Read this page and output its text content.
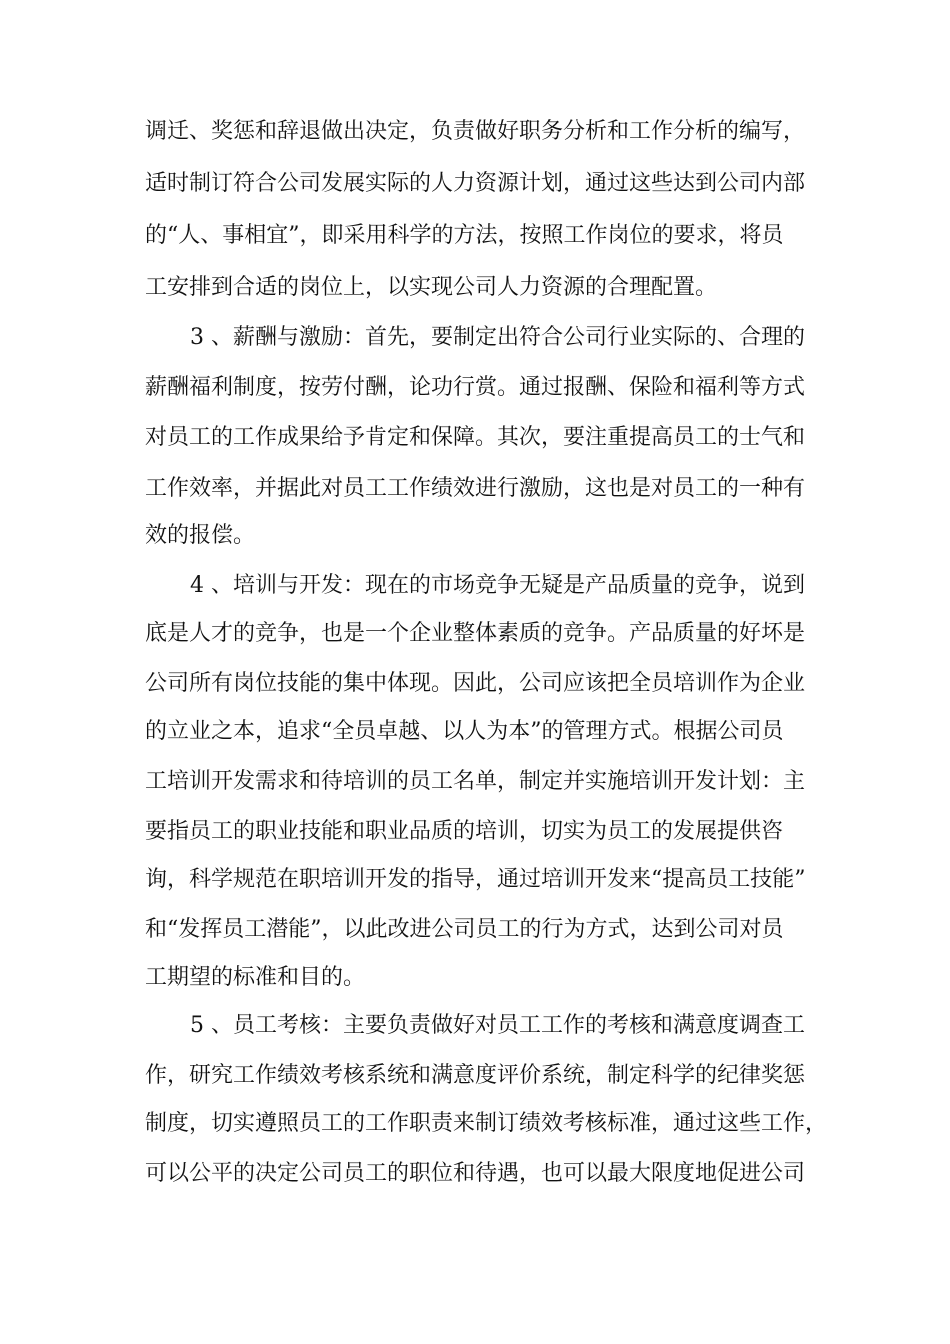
调迁、奖惩和辞退做出决定，负责做好职务分析和工作分析的编写，
适时制订符合公司发展实际的人力资源计划，通过这些达到公司内部
的“人、事相宜”，即采用科学的方法，按照工作岗位的要求，将员
工安排到合适的岗位上，以实现公司人力资源的合理配置。
3 、薪酬与激励：首先，要制定出符合公司行业实际的、合理的
薪酬福利制度，按劳付酬，论功行赏。通过报酬、保险和福利等方式
对员工的工作成果给予肯定和保障。其次，要注重提高员工的士气和
工作效率，并据此对员工工作绩效进行激励，这也是对员工的一种有
效的报偿。
4 、培训与开发：现在的市场竞争无疑是产品质量的竞争，说到
底是人才的竞争，也是一个企业整体素质的竞争。产品质量的好坏是
公司所有岗位技能的集中体现。因此，公司应该把全员培训作为企业
的立业之本，追求“全员卓越、以人为本”的管理方式。根据公司员
工培训开发需求和待培训的员工名单，制定并实施培训开发计划：主
要指员工的职业技能和职业品质的培训，切实为员工的发展提供咨
询，科学规范在职培训开发的指导，通过培训开发来“提高员工技能”
和“发挥员工潜能”，以此改进公司员工的行为方式，达到公司对员
工期望的标准和目的。
5 、员工考核：主要负责做好对员工工作的考核和满意度调查工
作，研究工作绩效考核系统和满意度评价系统，制定科学的纪律奖惩
制度，切实遵照员工的工作职责来制订绩效考核标准，通过这些工作，
可以公平的决定公司员工的职位和待遇，也可以最大限度地促进公司
